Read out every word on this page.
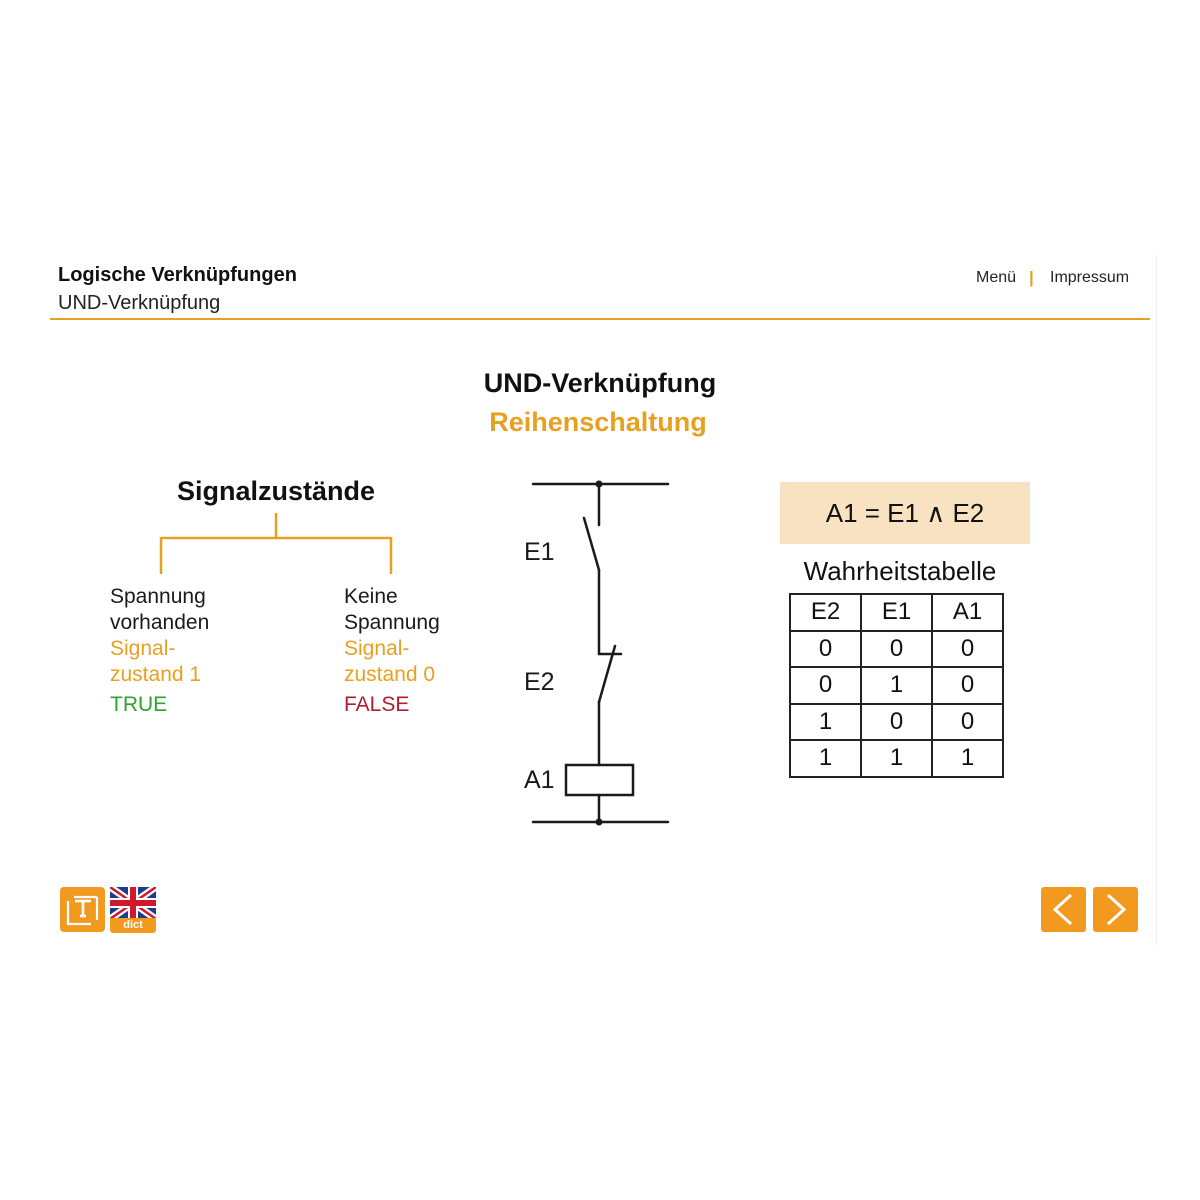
Logische Verknüpfungen
UND-Verknüpfung
Menü | Impressum
UND-Verknüpfung
Reihenschaltung
Signalzustände
Spannung
vorhanden
Signal-
zustand 1
TRUE
Keine
Spannung
Signal-
zustand 0
FALSE
E1
E2
A1
A1 = E1 ∧ E2
Wahrheitstabelle
E2	E1	A1
0	0	0
0	1	0
1	0	0
1	1	1
dict
